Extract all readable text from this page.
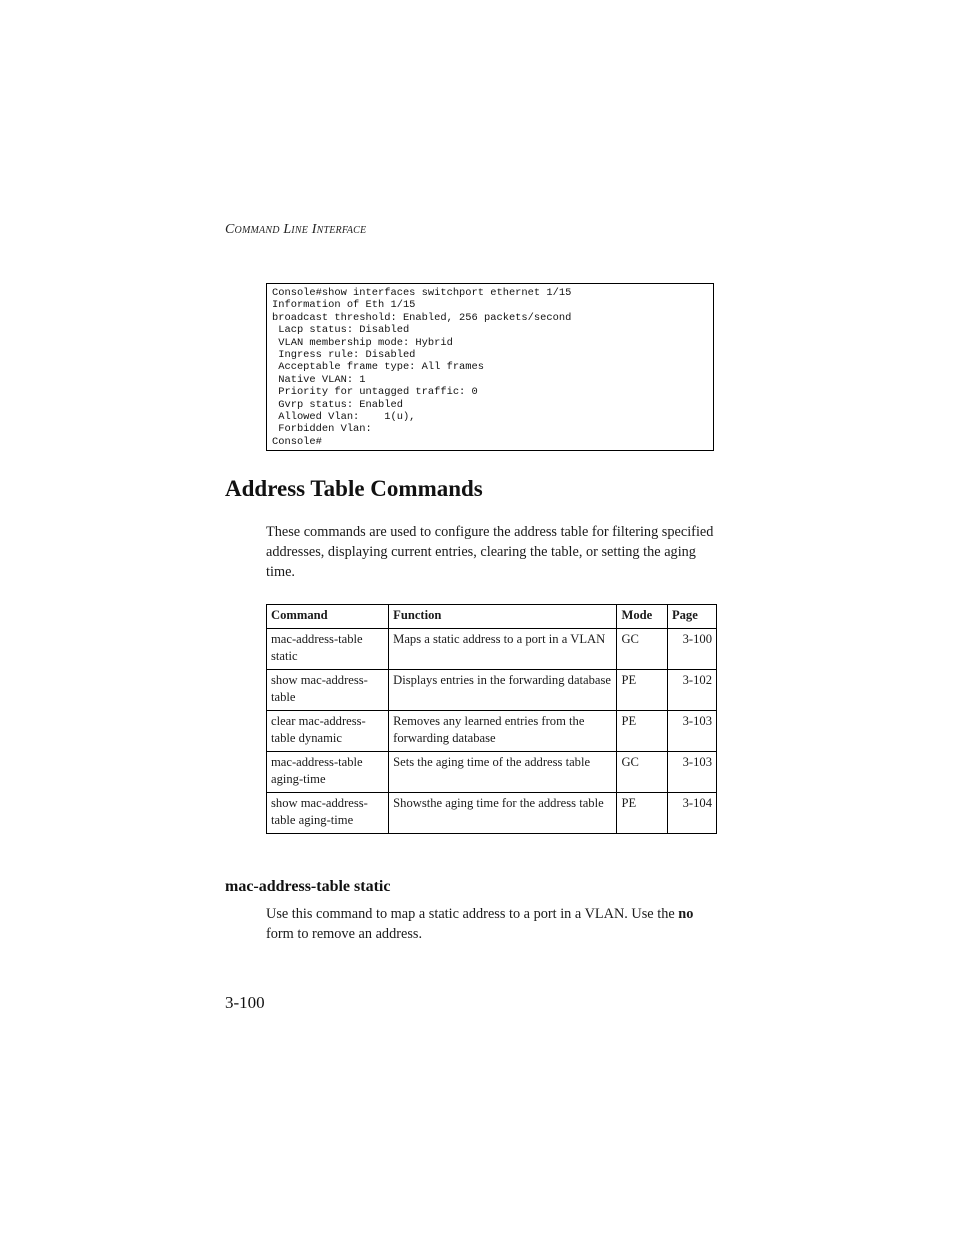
Command Line Interface
Console#show interfaces switchport ethernet 1/15
Information of Eth 1/15
broadcast threshold: Enabled, 256 packets/second
Lacp status: Disabled
VLAN membership mode: Hybrid
Ingress rule: Disabled
Acceptable frame type: All frames
Native VLAN: 1
Priority for untagged traffic: 0
Gvrp status: Enabled
Allowed Vlan:    1(u),
Forbidden Vlan:
Console#
Address Table Commands

These commands are used to configure the address table for filtering specified addresses, displaying current entries, clearing the table, or setting the aging time.

Command	Function	Mode	Page
mac-address-table static	Maps a static address to a port in a VLAN	GC	3-100
show mac-address-table	Displays entries in the forwarding database	PE	3-102
clear mac-address-table dynamic	Removes any learned entries from the forwarding database	PE	3-103
mac-address-table aging-time	Sets the aging time of the address table	GC	3-103
show mac-address-table aging-time	Showsthe aging time for the address table	PE	3-104
mac-address-table static

Use this command to map a static address to a port in a VLAN. Use the no form to remove an address.

3-100
